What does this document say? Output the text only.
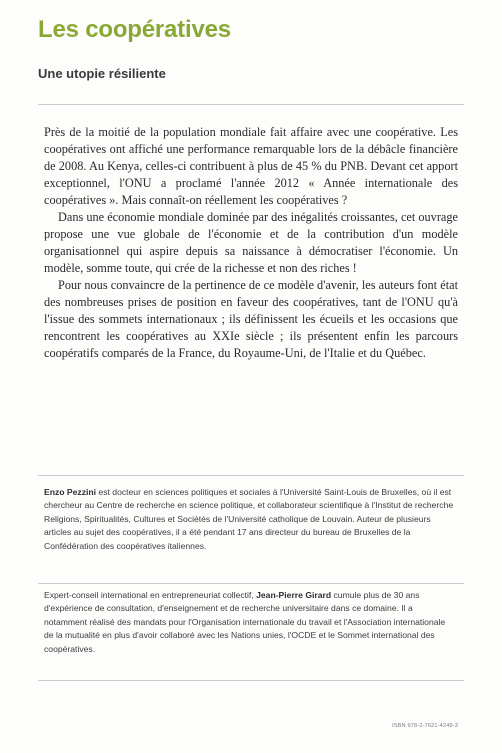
Les coopératives
Une utopie résiliente

Près de la moitié de la population mondiale fait affaire avec une coopérative. Les coopératives ont affiché une performance remarquable lors de la débâcle financière de 2008. Au Kenya, celles-ci contribuent à plus de 45 % du PNB. Devant cet apport exceptionnel, l'ONU a proclamé l'année 2012 « Année internationale des coopératives ». Mais connaît-on réellement les coopératives ?

Dans une économie mondiale dominée par des inégalités croissantes, cet ouvrage propose une vue globale de l'économie et de la contribution d'un modèle organisationnel qui aspire depuis sa naissance à démocratiser l'économie. Un modèle, somme toute, qui crée de la richesse et non des riches !

Pour nous convaincre de la pertinence de ce modèle d'avenir, les auteurs font état des nombreuses prises de position en faveur des coopératives, tant de l'ONU qu'à l'issue des sommets internationaux ; ils définissent les écueils et les occasions que rencontrent les coopératives au XXIe siècle ; ils présentent enfin les parcours coopératifs comparés de la France, du Royaume-Uni, de l'Italie et du Québec.

Enzo Pezzini est docteur en sciences politiques et sociales à l'Université Saint-Louis de Bruxelles, où il est chercheur au Centre de recherche en science politique, et collaborateur scientifique à l'Institut de recherche Religions, Spiritualités, Cultures et Sociétés de l'Université catholique de Louvain. Auteur de plusieurs articles au sujet des coopératives, il a été pendant 17 ans directeur du bureau de Bruxelles de la Confédération des coopératives italiennes.

Expert-conseil international en entrepreneuriat collectif, Jean-Pierre Girard cumule plus de 30 ans d'expérience de consultation, d'enseignement et de recherche universitaire dans ce domaine. Il a notamment réalisé des mandats pour l'Organisation internationale du travail et l'Association internationale de la mutualité en plus d'avoir collaboré avec les Nations unies, l'OCDE et le Sommet international des coopératives.

ISBN 978-2-7621-4249-3
